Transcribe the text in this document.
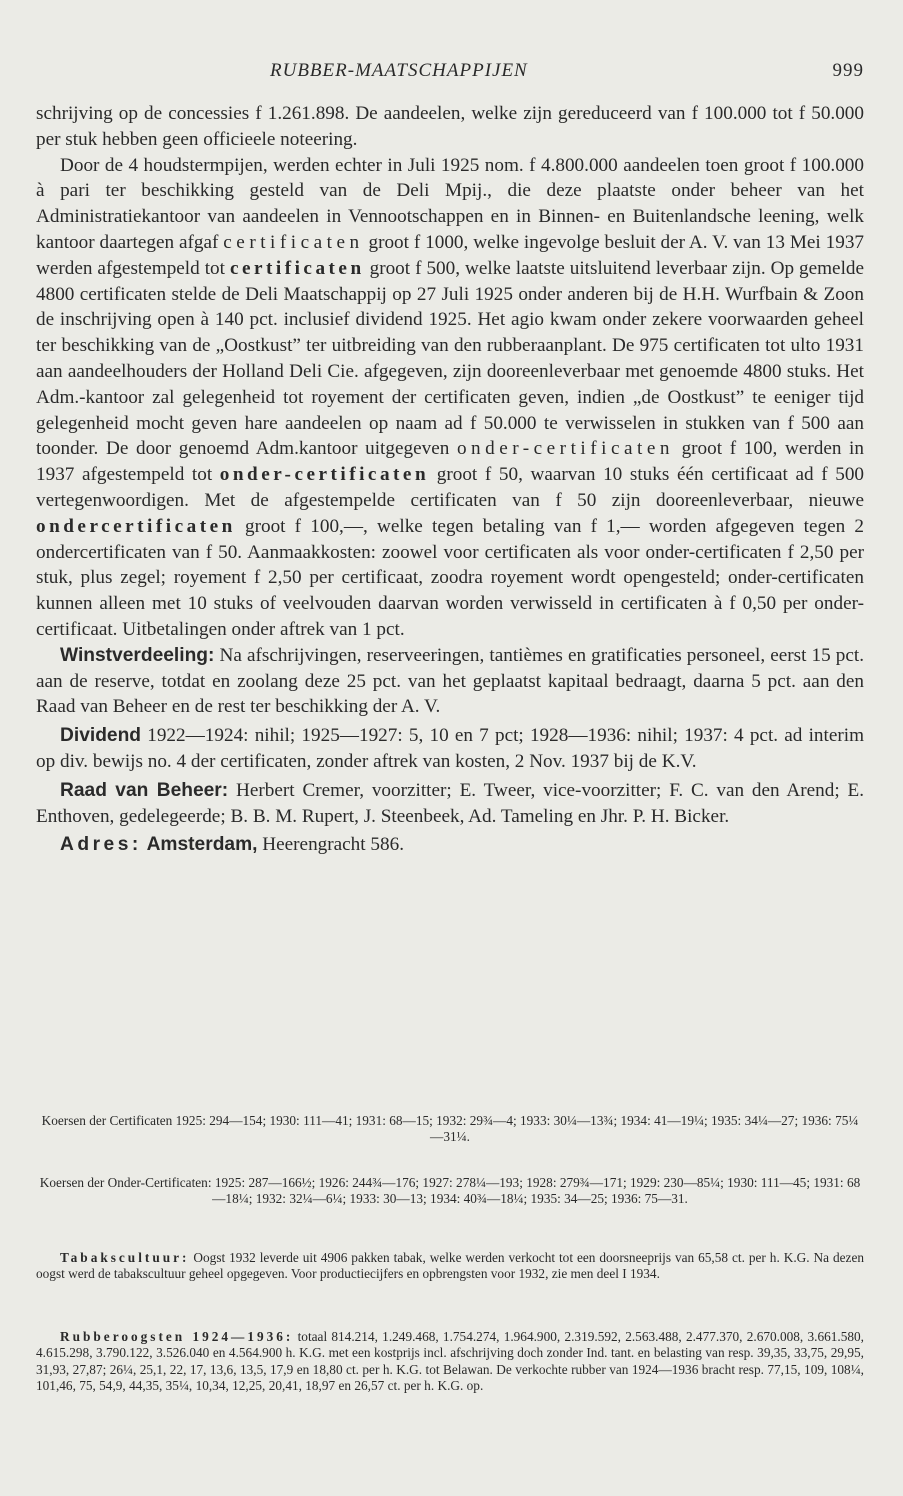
RUBBER-MAATSCHAPPIJEN	999

schrijving op de concessies f 1.261.898. De aandeelen, welke zijn gereduceerd van f 100.000 tot f 50.000 per stuk hebben geen officieele noteering.

Door de 4 houdstermpijen, werden echter in Juli 1925 nom. f 4.800.000 aandeelen toen groot f 100.000 à pari ter beschikking gesteld van de Deli Mpij., die deze plaatste onder beheer van het Administratiekantoor van aandeelen in Vennootschappen en in Binnen- en Buitenlandsche leening, welk kantoor daartegen afgaf certificaten groot f 1000, welke ingevolge besluit der A. V. van 13 Mei 1937 werden afgestempeld tot certificaten groot f 500, welke laatste uitsluitend leverbaar zijn. Op gemelde 4800 certificaten stelde de Deli Maatschappij op 27 Juli 1925 onder anderen bij de H.H. Wurfbain & Zoon de inschrijving open à 140 pct. inclusief dividend 1925. Het agio kwam onder zekere voorwaarden geheel ter beschikking van de „Oostkust” ter uitbreiding van den rubberaanplant. De 975 certificaten tot ulto 1931 aan aandeelhouders der Holland Deli Cie. afgegeven, zijn dooreenleverbaar met genoemde 4800 stuks. Het Adm.-kantoor zal gelegenheid tot royement der certificaten geven, indien „de Oostkust” te eeniger tijd gelegenheid mocht geven hare aandeelen op naam ad f 50.000 te verwisselen in stukken van f 500 aan toonder. De door genoemd Adm.kantoor uitgegeven onder-certificaten groot f 100, werden in 1937 afgestempeld tot onder-certificaten groot f 50, waarvan 10 stuks één certificaat ad f 500 vertegenwoordigen. Met de afgestempelde certificaten van f 50 zijn dooreenleverbaar, nieuwe ondercertificaten groot f 100,—, welke tegen betaling van f 1,— worden afgegeven tegen 2 ondercertificaten van f 50. Aanmaakkosten: zoowel voor certificaten als voor onder-certificaten f 2,50 per stuk, plus zegel; royement f 2,50 per certificaat, zoodra royement wordt opengesteld; onder-certificaten kunnen alleen met 10 stuks of veelvouden daarvan worden verwisseld in certificaten à f 0,50 per onder-certificaat. Uitbetalingen onder aftrek van 1 pct.

Winstverdeeling: Na afschrijvingen, reserveeringen, tantièmes en gratificaties personeel, eerst 15 pct. aan de reserve, totdat en zoolang deze 25 pct. van het geplaatst kapitaal bedraagt, daarna 5 pct. aan den Raad van Beheer en de rest ter beschikking der A. V.

Dividend 1922—1924: nihil; 1925—1927: 5, 10 en 7 pct; 1928—1936: nihil; 1937: 4 pct. ad interim op div. bewijs no. 4 der certificaten, zonder aftrek van kosten, 2 Nov. 1937 bij de K.V.

Raad van Beheer: Herbert Cremer, voorzitter; E. Tweer, vice-voorzitter; F. C. van den Arend; E. Enthoven, gedelegeerde; B. B. M. Rupert, J. Steenbeek, Ad. Tameling en Jhr. P. H. Bicker.

Adres: Amsterdam, Heerengracht 586.

Koersen der Certificaten 1925: 294—154; 1930: 111—41; 1931: 68—15; 1932: 29¾—4; 1933: 30¼—13¾; 1934: 41—19¼; 1935: 34¼—27; 1936: 75¼—31¼.
Koersen der Onder-Certificaten: 1925: 287—166½; 1926: 244¾—176; 1927: 278¼—193; 1928: 279¾—171; 1929: 230—85¼; 1930: 111—45; 1931: 68—18¼; 1932: 32¼—6¼; 1933: 30—13; 1934: 40¾—18¼; 1935: 34—25; 1936: 75—31.
Tabakscultuur: Oogst 1932 leverde uit 4906 pakken tabak, welke werden verkocht tot een doorsneeprijs van 65,58 ct. per h. K.G. Na dezen oogst werd de tabakscultuur geheel opgegeven. Voor productiecijfers en opbrengsten voor 1932, zie men deel I 1934.
Rubberoogsten 1924—1936: totaal 814.214, 1.249.468, 1.754.274, 1.964.900, 2.319.592, 2.563.488, 2.477.370, 2.670.008, 3.661.580, 4.615.298, 3.790.122, 3.526.040 en 4.564.900 h. K.G. met een kostprijs incl. afschrijving doch zonder Ind. tant. en belasting van resp. 39,35, 33,75, 29,95, 31,93, 27,87; 26¼, 25,1, 22, 17, 13,6, 13,5, 17,9 en 18,80 ct. per h. K.G. tot Belawan. De verkochte rubber van 1924—1936 bracht resp. 77,15, 109, 108¼, 101,46, 75, 54,9, 44,35, 35¼, 10,34, 12,25, 20,41, 18,97 en 26,57 ct. per h. K.G. op.
